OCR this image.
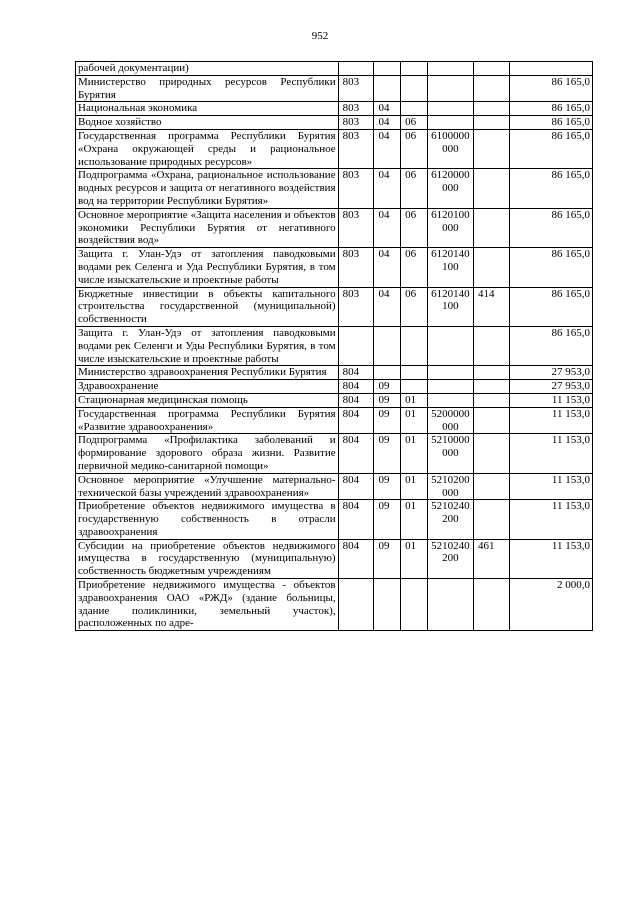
952
рабочей документации)						
Министерство природных ресурсов Республики Бурятия	803					86 165,0
Национальная экономика	803	04				86 165,0
Водное хозяйство	803	04	06			86 165,0
Государственная программа Республики Бурятия «Охрана окружающей среды и рациональное использование природных ресурсов»	803	04	06	6100000 000		86 165,0
Подпрограмма «Охрана, рациональное использование водных ресурсов и защита от негативного воздействия вод на территории Республики Бурятия»	803	04	06	6120000 000		86 165,0
Основное мероприятие «Защита населения и объектов экономики Республики Бурятия от негативного воздействия вод»	803	04	06	6120100 000		86 165,0
Защита г. Улан-Удэ от затопления паводковыми водами рек Селенга и Уда Республики Бурятия, в том числе изыскательские и проектные работы	803	04	06	6120140 100		86 165,0
Бюджетные инвестиции в объекты капитального строительства государственной (муниципальной) собственности	803	04	06	6120140 100	414	86 165,0
Защита г. Улан-Удэ от затопления паводковыми водами рек Селенги и Уды Республики Бурятия, в том числе изыскательские и проектные работы						86 165,0
Министерство здравоохранения Республики Бурятия	804					27 953,0
Здравоохранение	804	09				27 953,0
Стационарная медицинская помощь	804	09	01			11 153,0
Государственная программа Республики Бурятия «Развитие здравоохранения»	804	09	01	5200000 000		11 153,0
Подпрограмма «Профилактика заболеваний и формирование здорового образа жизни. Развитие первичной медико-санитарной помощи»	804	09	01	5210000 000		11 153,0
Основное мероприятие «Улучшение материально-технической базы учреждений здравоохранения»	804	09	01	5210200 000		11 153,0
Приобретение объектов недвижимого имущества в государственную собственность в отрасли здравоохранения	804	09	01	5210240 200		11 153,0
Субсидии на приобретение объектов недвижимого имущества в государственную (муниципальную) собственность бюджетным учреждениям	804	09	01	5210240 200	461	11 153,0
Приобретение недвижимого имущества - объектов здравоохранения ОАО «РЖД» (здание больницы, здание поликлиники, земельный участок), расположенных по адре-						2 000,0
